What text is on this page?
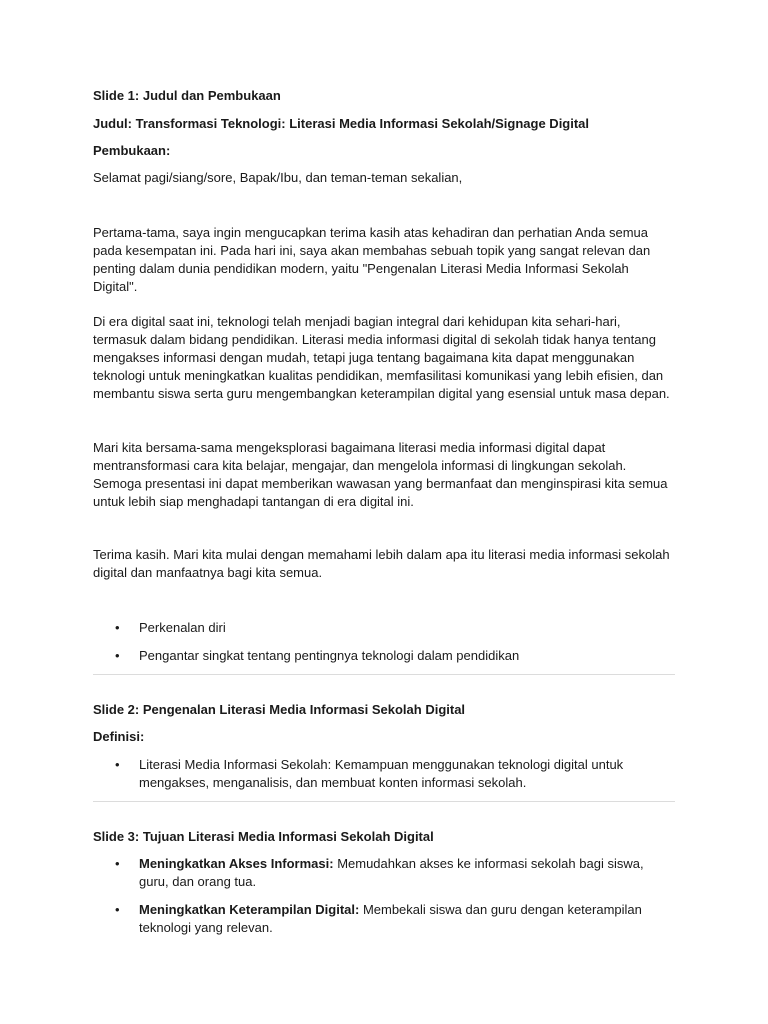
Slide 1: Judul dan Pembukaan

Judul: Transformasi Teknologi: Literasi Media Informasi Sekolah/Signage Digital

Pembukaan:

Selamat pagi/siang/sore, Bapak/Ibu, dan teman-teman sekalian,

Pertama-tama, saya ingin mengucapkan terima kasih atas kehadiran dan perhatian Anda semua pada kesempatan ini. Pada hari ini, saya akan membahas sebuah topik yang sangat relevan dan penting dalam dunia pendidikan modern, yaitu "Pengenalan Literasi Media Informasi Sekolah Digital".

Di era digital saat ini, teknologi telah menjadi bagian integral dari kehidupan kita sehari-hari, termasuk dalam bidang pendidikan. Literasi media informasi digital di sekolah tidak hanya tentang mengakses informasi dengan mudah, tetapi juga tentang bagaimana kita dapat menggunakan teknologi untuk meningkatkan kualitas pendidikan, memfasilitasi komunikasi yang lebih efisien, dan membantu siswa serta guru mengembangkan keterampilan digital yang esensial untuk masa depan.

Mari kita bersama-sama mengeksplorasi bagaimana literasi media informasi digital dapat mentransformasi cara kita belajar, mengajar, dan mengelola informasi di lingkungan sekolah. Semoga presentasi ini dapat memberikan wawasan yang bermanfaat dan menginspirasi kita semua untuk lebih siap menghadapi tantangan di era digital ini.

Terima kasih. Mari kita mulai dengan memahami lebih dalam apa itu literasi media informasi sekolah digital dan manfaatnya bagi kita semua.

• Perkenalan diri
• Pengantar singkat tentang pentingnya teknologi dalam pendidikan

Slide 2: Pengenalan Literasi Media Informasi Sekolah Digital

Definisi:

• Literasi Media Informasi Sekolah: Kemampuan menggunakan teknologi digital untuk mengakses, menganalisis, dan membuat konten informasi sekolah.

Slide 3: Tujuan Literasi Media Informasi Sekolah Digital

• Meningkatkan Akses Informasi: Memudahkan akses ke informasi sekolah bagi siswa, guru, dan orang tua.
• Meningkatkan Keterampilan Digital: Membekali siswa dan guru dengan keterampilan teknologi yang relevan.
